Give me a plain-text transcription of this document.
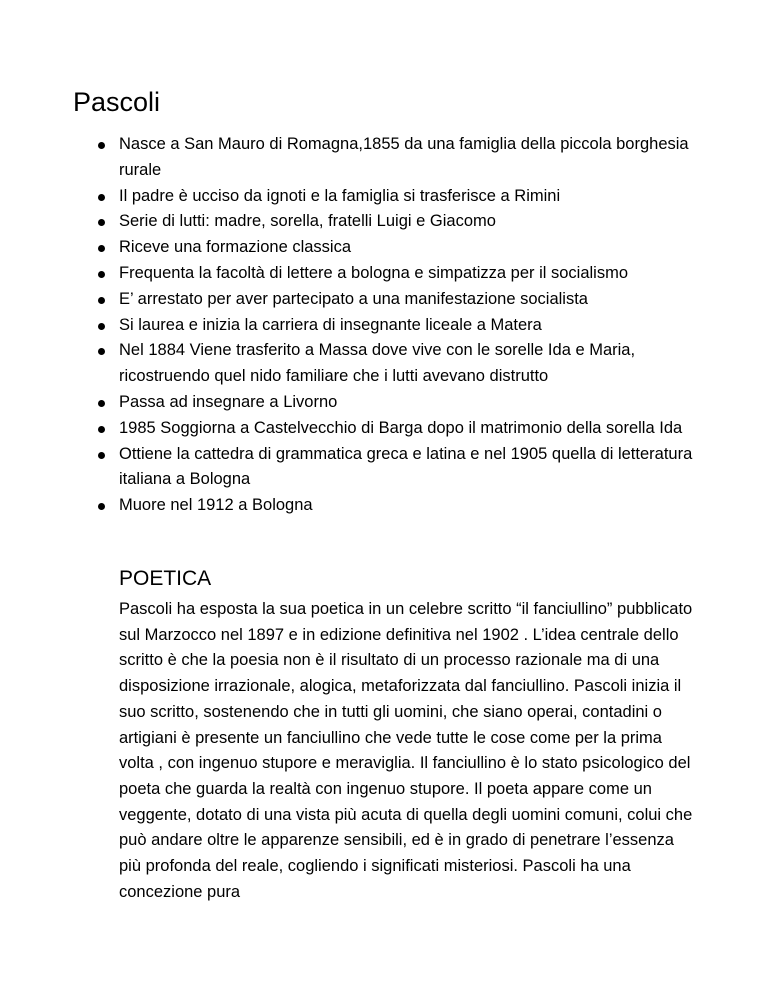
Pascoli
Nasce a San Mauro di Romagna,1855 da una famiglia della piccola borghesia rurale
Il padre è ucciso da ignoti e la famiglia si trasferisce a Rimini
Serie di lutti: madre, sorella, fratelli Luigi e Giacomo
Riceve una formazione classica
Frequenta la facoltà di lettere a bologna e simpatizza per il socialismo
E’ arrestato per aver partecipato a una manifestazione socialista
Si laurea e inizia la carriera di insegnante liceale a Matera
Nel 1884 Viene trasferito a Massa dove vive con le sorelle Ida e Maria, ricostruendo quel nido familiare che i lutti avevano distrutto
Passa ad insegnare a Livorno
1985 Soggiorna a Castelvecchio di Barga dopo il matrimonio della sorella Ida
Ottiene la cattedra di grammatica greca e latina e nel 1905 quella di letteratura italiana a Bologna
Muore nel 1912 a Bologna
POETICA

Pascoli ha esposta la sua poetica in un celebre scritto “il fanciullino” pubblicato sul Marzocco nel 1897 e in edizione definitiva nel 1902 . L’idea centrale dello scritto è che la poesia non è il risultato di un processo razionale ma di una disposizione irrazionale, alogica, metaforizzata dal fanciullino. Pascoli inizia il suo scritto, sostenendo che in tutti gli uomini, che siano operai, contadini o artigiani è presente un fanciullino che vede tutte le cose come per la prima volta , con ingenuo stupore e meraviglia. Il fanciullino è lo stato psicologico del poeta che guarda la realtà con ingenuo stupore. Il poeta appare come un veggente, dotato di una vista più acuta di quella degli uomini comuni, colui che può andare oltre le apparenze sensibili, ed è in grado di penetrare l’essenza più profonda del reale, cogliendo i significati misteriosi. Pascoli ha una concezione pura
